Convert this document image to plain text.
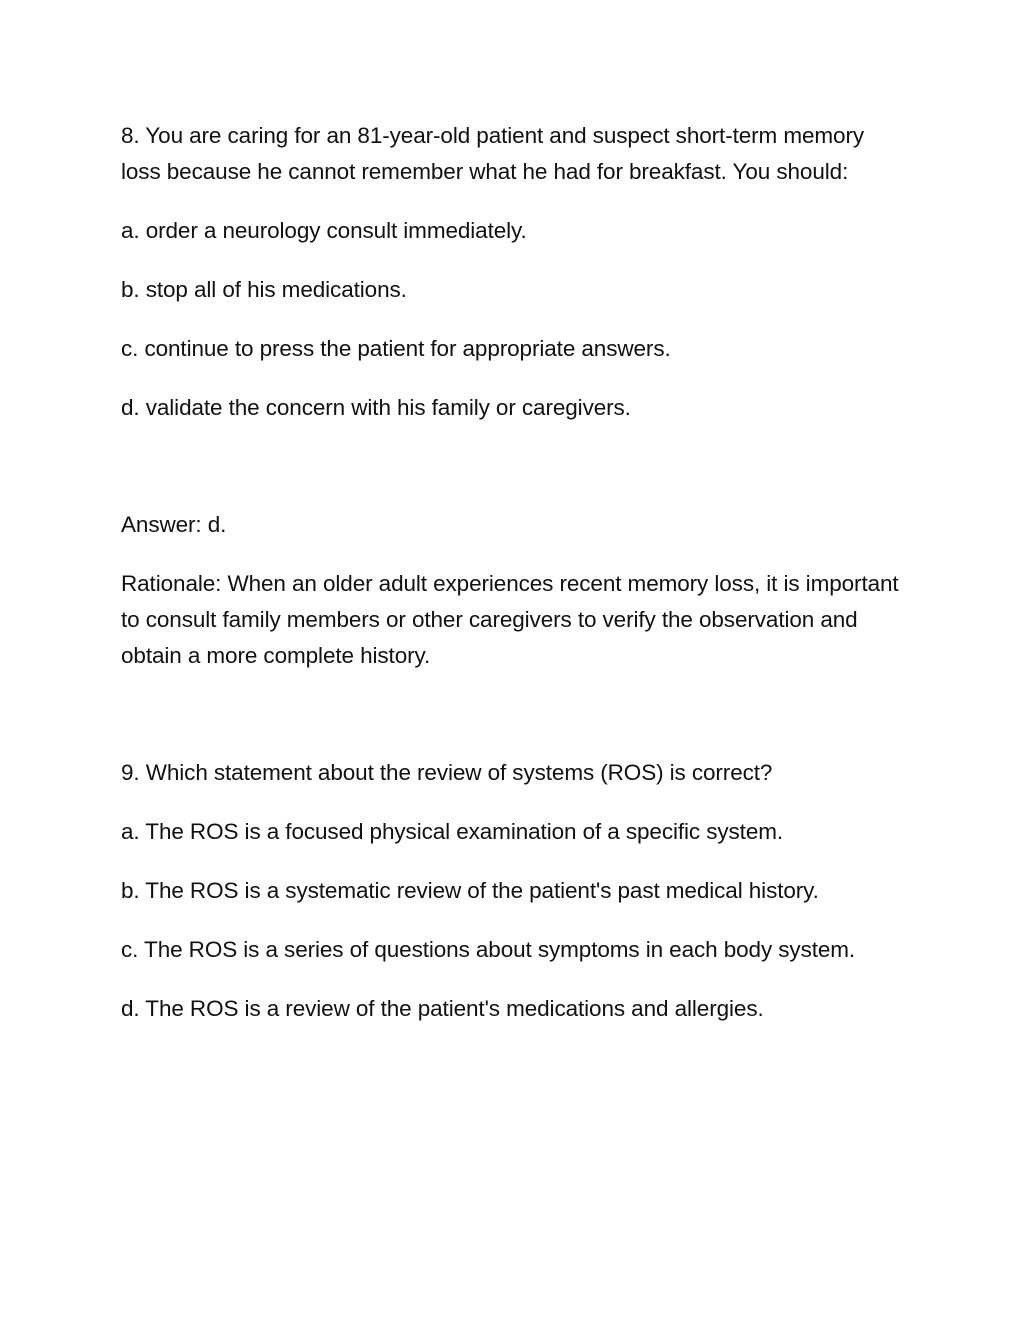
8. You are caring for an 81-year-old patient and suspect short-term memory loss because he cannot remember what he had for breakfast. You should:

a. order a neurology consult immediately.

b. stop all of his medications.

c. continue to press the patient for appropriate answers.

d. validate the concern with his family or caregivers.

Answer: d.

Rationale: When an older adult experiences recent memory loss, it is important to consult family members or other caregivers to verify the observation and obtain a more complete history.

9. Which statement about the review of systems (ROS) is correct?

a. The ROS is a focused physical examination of a specific system.

b. The ROS is a systematic review of the patient's past medical history.

c. The ROS is a series of questions about symptoms in each body system.

d. The ROS is a review of the patient's medications and allergies.
